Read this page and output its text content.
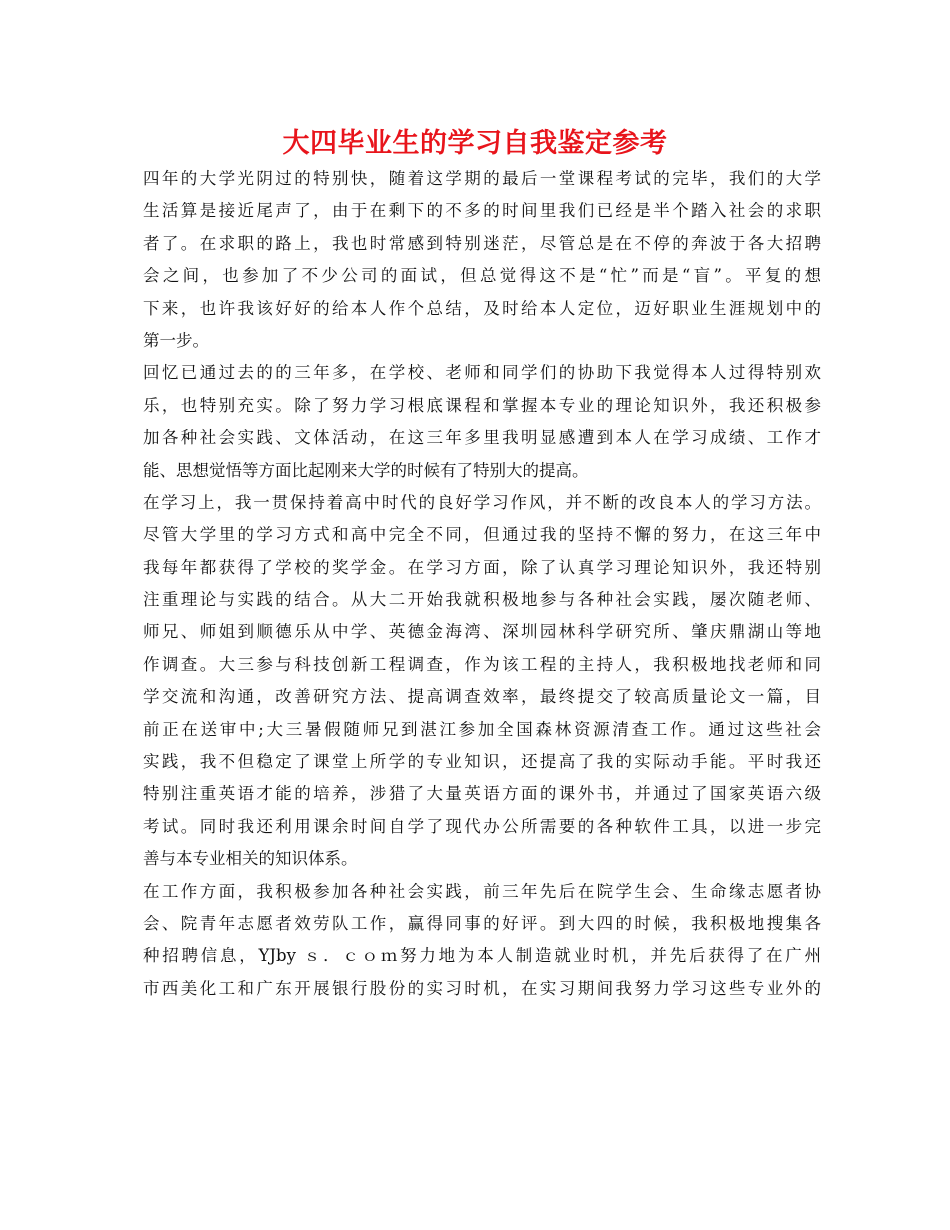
大四毕业生的学习自我鉴定参考
四年的大学光阴过的特别快，随着这学期的最后一堂课程考试的完毕，我们的大学
生活算是接近尾声了，由于在剩下的不多的时间里我们已经是半个踏入社会的求职
者了。在求职的路上，我也时常感到特别迷茫，尽管总是在不停的奔波于各大招聘
会之间，也参加了不少公司的面试，但总觉得这不是“忙”而是“盲”。平复的想
下来，也许我该好好的给本人作个总结，及时给本人定位，迈好职业生涯规划中的
第一步。
回忆已通过去的的三年多，在学校、老师和同学们的协助下我觉得本人过得特别欢
乐，也特别充实。除了努力学习根底课程和掌握本专业的理论知识外，我还积极参
加各种社会实践、文体活动，在这三年多里我明显感遭到本人在学习成绩、工作才
能、思想觉悟等方面比起刚来大学的时候有了特别大的提高。
在学习上，我一贯保持着高中时代的良好学习作风，并不断的改良本人的学习方法。
尽管大学里的学习方式和高中完全不同，但通过我的坚持不懈的努力，在这三年中
我每年都获得了学校的奖学金。在学习方面，除了认真学习理论知识外，我还特别
注重理论与实践的结合。从大二开始我就积极地参与各种社会实践，屡次随老师、
师兄、师姐到顺德乐从中学、英德金海湾、深圳园林科学研究所、肇庆鼎湖山等地
作调查。大三参与科技创新工程调查，作为该工程的主持人，我积极地找老师和同
学交流和沟通，改善研究方法、提高调查效率，最终提交了较高质量论文一篇，目
前正在送审中;大三暑假随师兄到湛江参加全国森林资源清查工作。通过这些社会
实践，我不但稳定了课堂上所学的专业知识，还提高了我的实际动手能。平时我还
特别注重英语才能的培养，涉猎了大量英语方面的课外书，并通过了国家英语六级
考试。同时我还利用课余时间自学了现代办公所需要的各种软件工具，以进一步完
善与本专业相关的知识体系。
在工作方面，我积极参加各种社会实践，前三年先后在院学生会、生命缘志愿者协
会、院青年志愿者效劳队工作，赢得同事的好评。到大四的时候，我积极地搜集各
种招聘信息，YJby ｓ．ｃｏｍ努力地为本人制造就业时机，并先后获得了在广州
市西美化工和广东开展银行股份的实习时机，在实习期间我努力学习这些专业外的
